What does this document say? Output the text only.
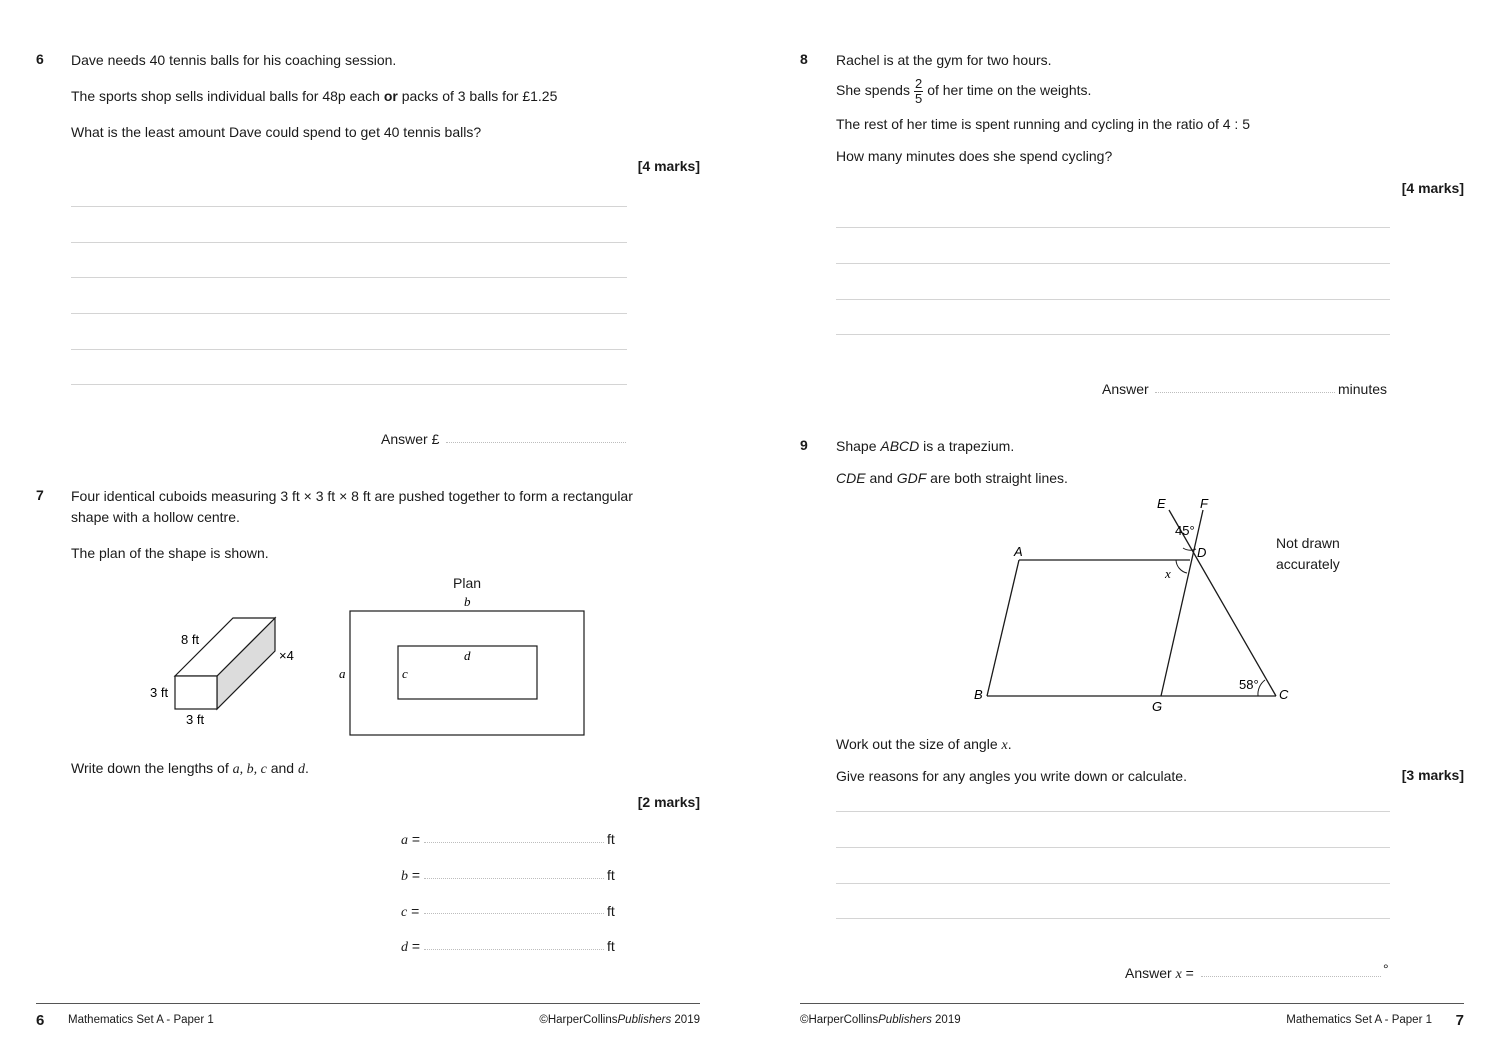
6 Dave needs 40 tennis balls for his coaching session.
The sports shop sells individual balls for 48p each or packs of 3 balls for £1.25
What is the least amount Dave could spend to get 40 tennis balls?
[4 marks]
Answer £
7 Four identical cuboids measuring 3 ft × 3 ft × 8 ft are pushed together to form a rectangular
shape with a hollow centre.
The plan of the shape is shown.
8 ft
3 ft
3 ft
×4
Plan
b
a	c
d
Write down the lengths of a, b, c and d.
[2 marks]
a =	ft
b =	ft
c =	ft
d =	ft
6 Mathematics Set A - Paper 1	©HarperCollinsPublishers 2019
8 Rachel is at the gym for two hours.
She spends $\frac{2}{5}$ of her time on the weights.
The rest of her time is spent running and cycling in the ratio of 4 : 5
How many minutes does she spend cycling?
[4 marks]
Answer	minutes
9 Shape ABCD is a trapezium.
CDE and GDF are both straight lines.
E	F
A	D
B
G
C
45°
x
58°
Not drawn
accurately
Work out the size of angle x.
Give reasons for any angles you write down or calculate.	[3 marks]
Answer x =	°
©HarperCollinsPublishers 2019	Mathematics Set A - Paper 1 7
